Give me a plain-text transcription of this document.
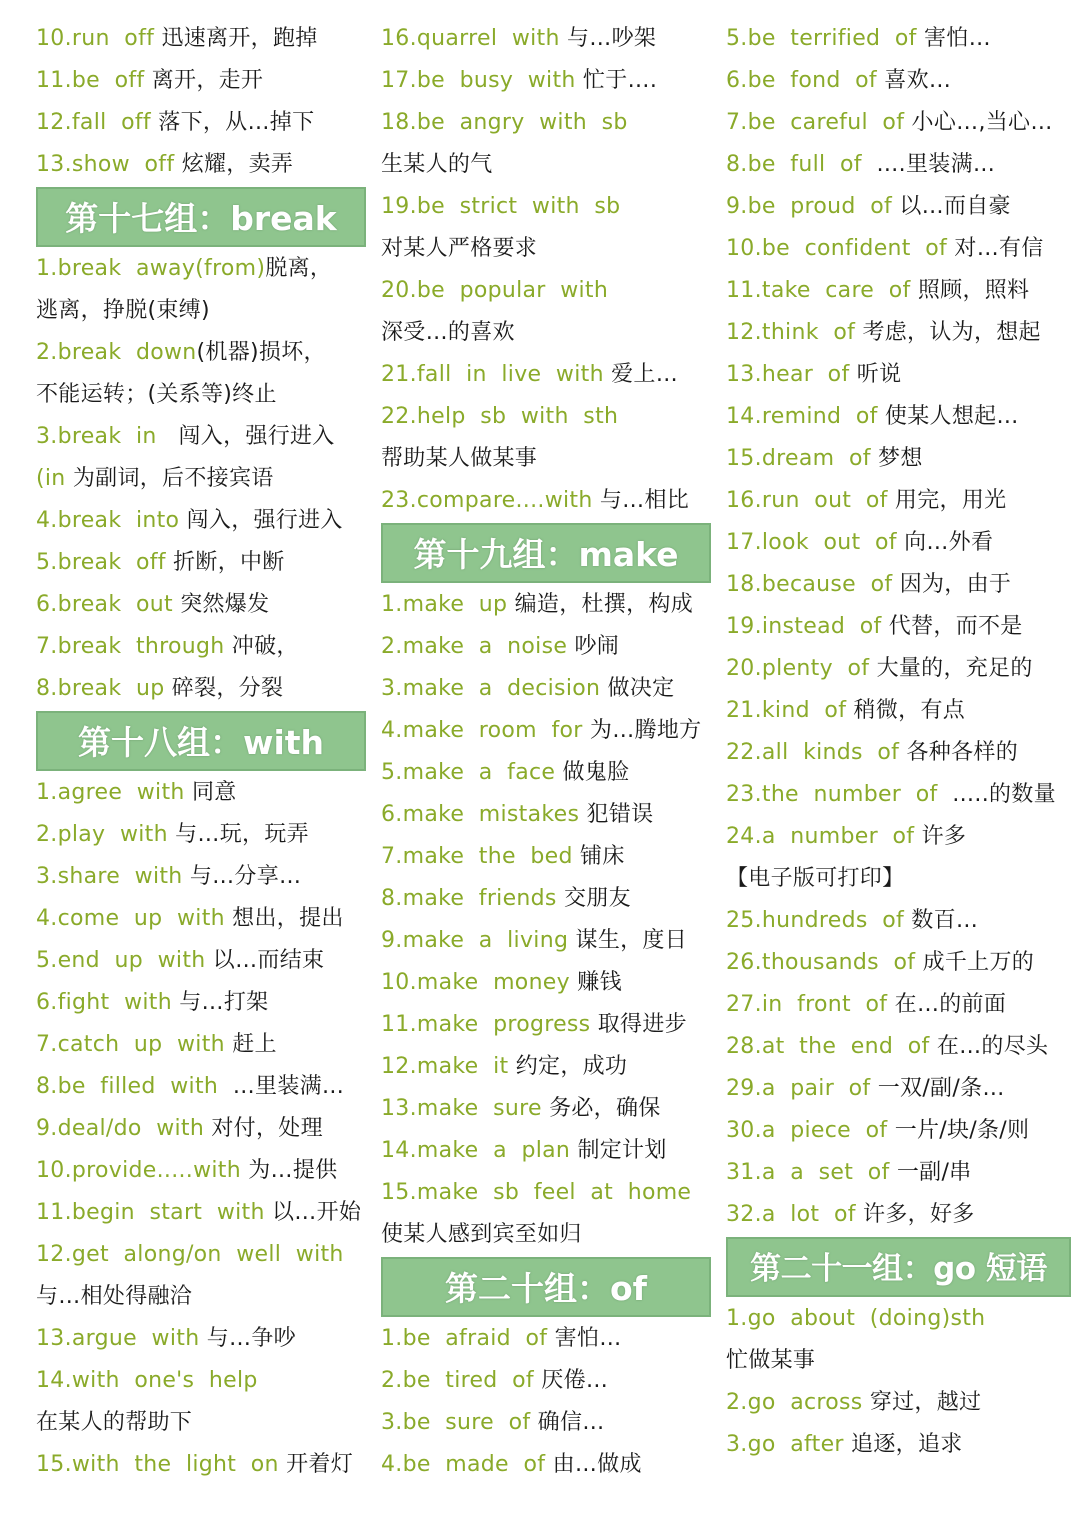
10.run  off 迅速离开，跑掉
11.be  off 离开，走开
12.fall  off 落下，从…掉下
13.show  off 炫耀，卖弄
第十七组：break
1.break  away(from)脱离，
逃离，挣脱(束缚)
2.break  down(机器)损坏，
不能运转；(关系等)终止
3.break  in   闯入，强行进入
(in 为副词，后不接宾语
4.break  into 闯入，强行进入
5.break  off 折断，中断
6.break  out 突然爆发
7.break  through 冲破，
8.break  up 碎裂，分裂
第十八组：with
1.agree  with 同意
2.play  with 与…玩，玩弄
3.share  with 与…分享…
4.come  up  with 想出，提出
5.end  up  with 以…而结束
6.fight  with 与…打架
7.catch  up  with 赶上
8.be  filled  with  …里装满…
9.deal/do  with 对付，处理
10.provide.....with 为…提供
11.begin  start  with 以…开始
12.get  along/on  well  with
与…相处得融洽
13.argue  with 与…争吵
14.with  one's  help
在某人的帮助下
15.with  the  light  on 开着灯
16.quarrel  with 与…吵架
17.be  busy  with 忙于….
18.be  angry  with  sb
生某人的气
19.be  strict  with  sb
对某人严格要求
20.be  popular  with
深受…的喜欢
21.fall  in  live  with 爱上…
22.help  sb  with  sth
帮助某人做某事
23.compare....with 与…相比
第十九组：make
1.make  up 编造，杜撰，构成
2.make  a  noise 吵闹
3.make  a  decision 做决定
4.make  room  for 为…腾地方
5.make  a  face 做鬼脸
6.make  mistakes 犯错误
7.make  the  bed 铺床
8.make  friends 交朋友
9.make  a  living 谋生，度日
10.make  money 赚钱
11.make  progress 取得进步
12.make  it 约定，成功
13.make  sure 务必，确保
14.make  a  plan 制定计划
15.make  sb  feel  at  home
使某人感到宾至如归
第二十组：of
1.be  afraid  of 害怕…
2.be  tired  of 厌倦…
3.be  sure  of 确信…
4.be  made  of 由…做成
5.be  terrified  of 害怕…
6.be  fond  of 喜欢…
7.be  careful  of 小心…,当心…
8.be  full  of  ….里装满…
9.be  proud  of 以…而自豪
10.be  confident  of 对…有信
11.take  care  of 照顾，照料
12.think  of 考虑，认为，想起
13.hear  of 听说
14.remind  of 使某人想起…
15.dream  of 梦想
16.run  out  of 用完，用光
17.look  out  of 向…外看
18.because  of 因为，由于
19.instead  of 代替，而不是
20.plenty  of 大量的，充足的
21.kind  of 稍微，有点
22.all  kinds  of 各种各样的
23.the  number  of  …..的数量
24.a  number  of 许多
【电子版可打印】
25.hundreds  of 数百…
26.thousands  of 成千上万的
27.in  front  of 在…的前面
28.at  the  end  of 在…的尽头
29.a  pair  of 一双/副/条…
30.a  piece  of 一片/块/条/则
31.a  a  set  of 一副/串
32.a  lot  of 许多，好多
第二十一组：go 短语
1.go  about  (doing)sth
忙做某事
2.go  across 穿过，越过
3.go  after 追逐，追求
